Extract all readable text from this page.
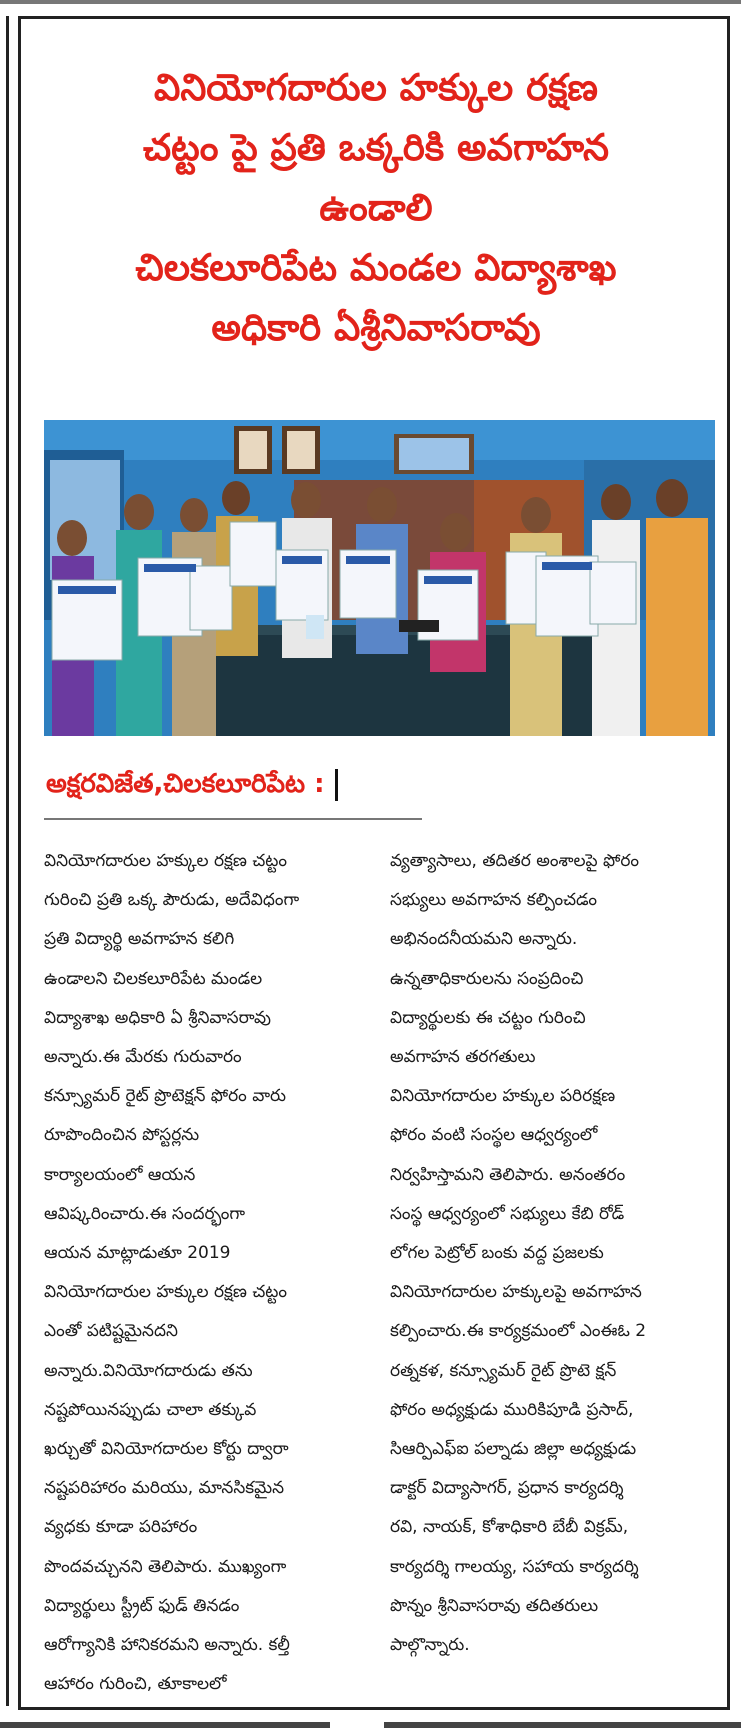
వినియోగదారుల హక్కుల రక్షణ
చట్టం పై ప్రతి ఒక్కరికి అవగాహన
ఉండాలి
చిలకలూరిపేట మండల విద్యాశాఖ
అధికారి ఏశ్రీనివాసరావు
అక్షరవిజేత,చిలకలూరిపేట :

వినియోగదారుల హక్కుల రక్షణ చట్టం

గురించి ప్రతి ఒక్క పౌరుడు, అదేవిధంగా

ప్రతి విద్యార్థి అవగాహన కలిగి

ఉండాలని చిలకలూరిపేట మండల

విద్యాశాఖ అధికారి ఏ శ్రీనివాసరావు

అన్నారు.ఈ మేరకు గురువారం

కన్స్యూమర్ రైట్ ప్రొటెక్షన్ ఫోరం వారు

రూపొందించిన పోస్టర్లను

కార్యాలయంలో ఆయన

ఆవిష్కరించారు.ఈ సందర్భంగా

ఆయన మాట్లాడుతూ 2019

వినియోగదారుల హక్కుల రక్షణ చట్టం

ఎంతో పటిష్టమైనదని

అన్నారు.వినియోగదారుడు తను

నష్టపోయినప్పుడు చాలా తక్కువ

ఖర్చుతో వినియోగదారుల కోర్టు ద్వారా

నష్టపరిహారం మరియు, మానసికమైన

వ్యధకు కూడా పరిహారం

పొందవచ్చునని తెలిపారు. ముఖ్యంగా

విద్యార్థులు స్ట్రీట్ ఫుడ్ తినడం

ఆరోగ్యానికి హానికరమని అన్నారు. కల్తీ

ఆహారం గురించి, తూకాలలో

వ్యత్యాసాలు, తదితర అంశాలపై ఫోరం

సభ్యులు అవగాహన కల్పించడం

అభినందనీయమని అన్నారు.

ఉన్నతాధికారులను సంప్రదించి

విద్యార్థులకు ఈ చట్టం గురించి

అవగాహన తరగతులు

వినియోగదారుల హక్కుల పరిరక్షణ

ఫోరం వంటి సంస్థల ఆధ్వర్యంలో

నిర్వహిస్తామని తెలిపారు. అనంతరం

సంస్థ ఆధ్వర్యంలో సభ్యులు కేబి రోడ్

లోగల పెట్రోల్ బంకు వద్ద ప్రజలకు

వినియోగదారుల హక్కులపై అవగాహన

కల్పించారు.ఈ కార్యక్రమంలో ఎంఈఓ 2

రత్నకళ, కన్స్యూమర్ రైట్ ప్రొటె క్షన్

ఫోరం అధ్యక్షుడు మురికిపూడి ప్రసాద్,

సిఆర్పిఎఫ్ఐ పల్నాడు జిల్లా అధ్యక్షుడు

డాక్టర్ విద్యాసాగర్, ప్రధాన కార్యదర్శి

రవి, నాయక్, కోశాధికారి బేబీ విక్రమ్,

కార్యదర్శి గాలయ్య, సహాయ కార్యదర్శి

పొన్నం శ్రీనివాసరావు తదితరులు

పాల్గొన్నారు.
